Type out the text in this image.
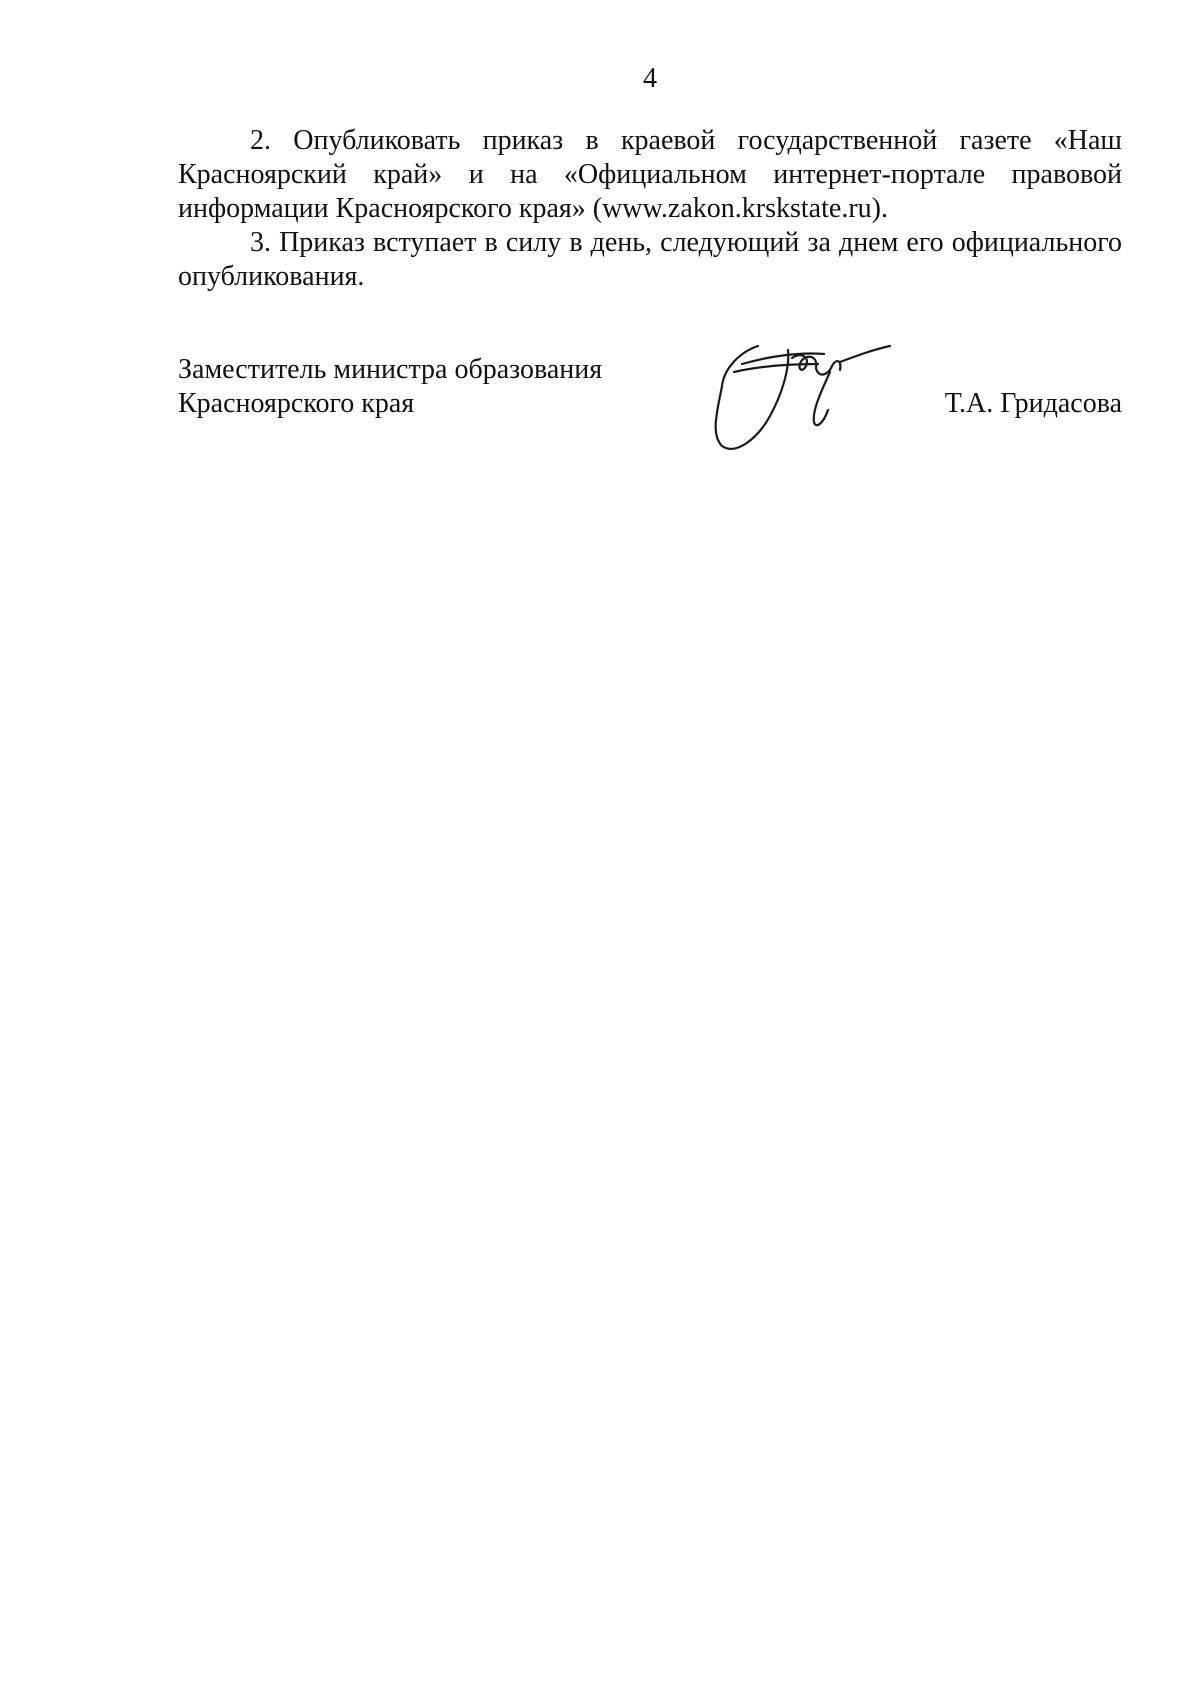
4

2. Опубликовать приказ в краевой государственной газете «Наш Красноярский край» и на «Официальном интернет-портале правовой информации Красноярского края» (www.zakon.krskstate.ru).

3. Приказ вступает в силу в день, следующий за днем его официального опубликования.

Заместитель министра образования
Красноярского края	Т.А. Гридасова
